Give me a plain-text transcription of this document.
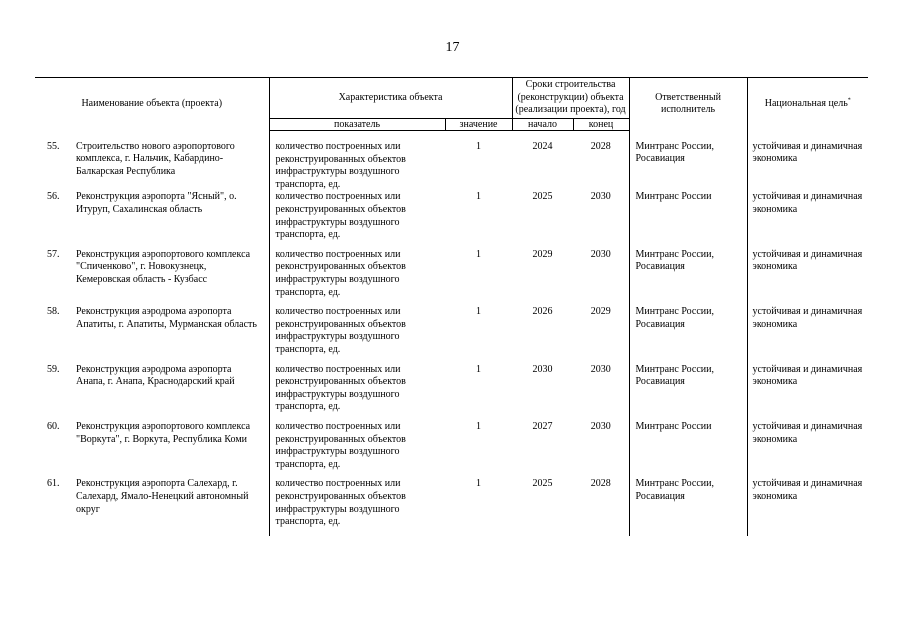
17
Наименование объекта (проекта)		Характеристика объекта		Сроки строительства (реконструкции) объекта (реализации проекта), год		Ответственный исполнитель	Национальная цель*
		показатель	значение	начало	конец		
55.	Строительство нового аэропортового комплекса, г. Нальчик, Кабардино-Балкарская Республика	количество построенных или реконструированных объектов инфраструктуры воздушного транспорта, ед.	1	2024	2028	Минтранс России, Росавиация	устойчивая и динамичная экономика
56.	Реконструкция аэропорта "Ясный", о. Итуруп, Сахалинская область	количество построенных или реконструированных объектов инфраструктуры воздушного транспорта, ед.	1	2025	2030	Минтранс России	устойчивая и динамичная экономика
57.	Реконструкция аэропортового комплекса "Спиченково", г. Новокузнецк, Кемеровская область - Кузбасс	количество построенных или реконструированных объектов инфраструктуры воздушного транспорта, ед.	1	2029	2030	Минтранс России, Росавиация	устойчивая и динамичная экономика
58.	Реконструкция аэродрома аэропорта Апатиты, г. Апатиты, Мурманская область	количество построенных или реконструированных объектов инфраструктуры воздушного транспорта, ед.	1	2026	2029	Минтранс России, Росавиация	устойчивая и динамичная экономика
59.	Реконструкция аэродрома аэропорта Анапа, г. Анапа, Краснодарский край	количество построенных или реконструированных объектов инфраструктуры воздушного транспорта, ед.	1	2030	2030	Минтранс России, Росавиация	устойчивая и динамичная экономика
60.	Реконструкция аэропортового комплекса "Воркута", г. Воркута, Республика Коми	количество построенных или реконструированных объектов инфраструктуры воздушного транспорта, ед.	1	2027	2030	Минтранс России	устойчивая и динамичная экономика
61.	Реконструкция аэропорта Салехард, г. Салехард, Ямало-Ненецкий автономный округ	количество построенных или реконструированных объектов инфраструктуры воздушного транспорта, ед.	1	2025	2028	Минтранс России, Росавиация	устойчивая и динамичная экономика
